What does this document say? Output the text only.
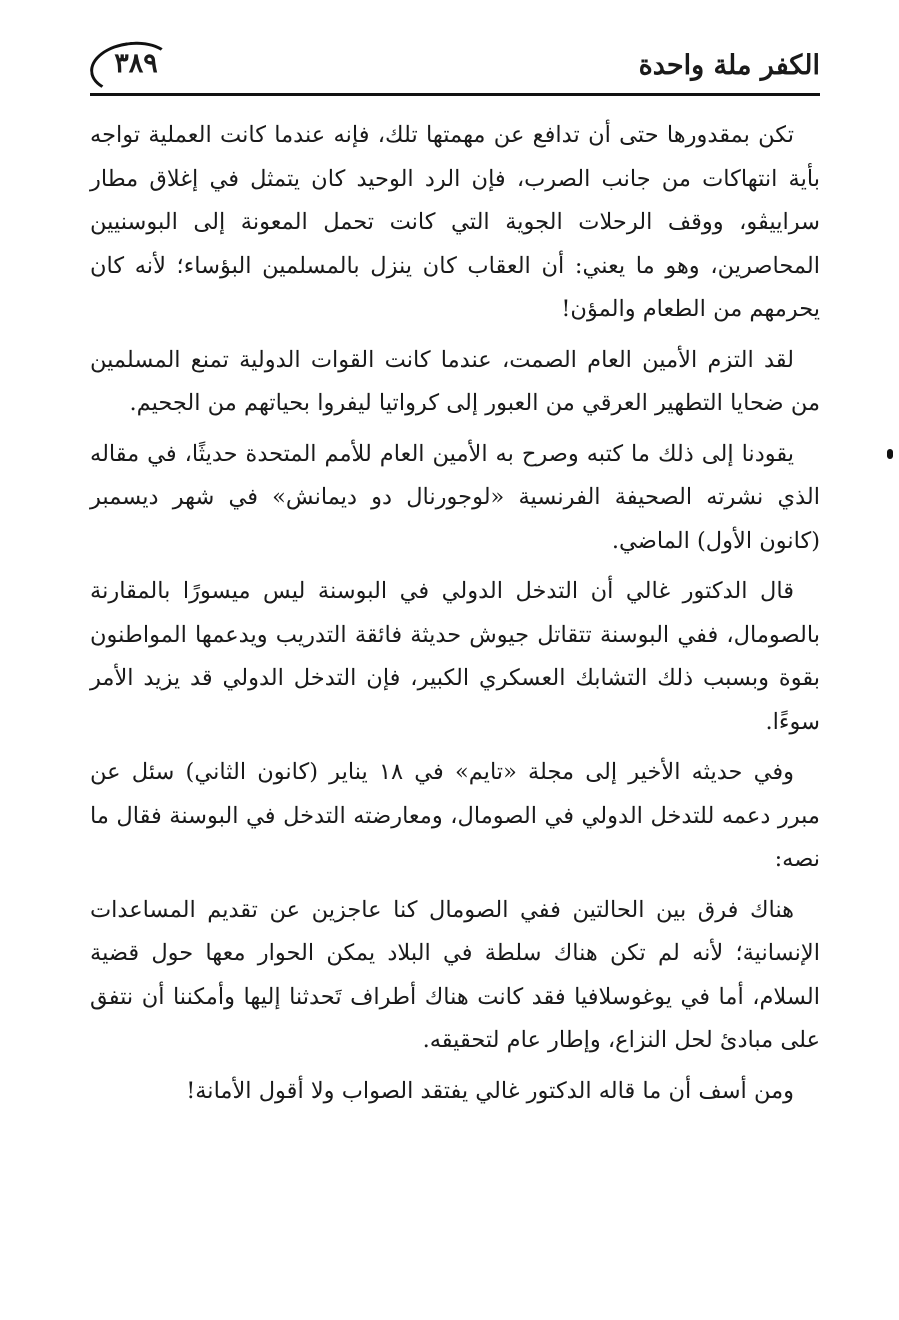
٣٨٩	الكفر ملة واحدة

تكن بمقدورها حتى أن تدافع عن مهمتها تلك، فإنه عندما كانت العملية تواجه بأية انتهاكات من جانب الصرب، فإن الرد الوحيد كان يتمثل في إغلاق مطار سراييڤو، ووقف الرحلات الجوية التي كانت تحمل المعونة إلى البوسنيين المحاصرين، وهو ما يعني: أن العقاب كان ينزل بالمسلمين البؤساء؛ لأنه كان يحرمهم من الطعام والمؤن!

لقد التزم الأمين العام الصمت، عندما كانت القوات الدولية تمنع المسلمين من ضحايا التطهير العرقي من العبور إلى كرواتيا ليفروا بحياتهم من الجحيم.

يقودنا إلى ذلك ما كتبه وصرح به الأمين العام للأمم المتحدة حديثًا، في مقاله الذي نشرته الصحيفة الفرنسية «لوجورنال دو ديمانش» في شهر ديسمبر (كانون الأول) الماضي.

قال الدكتور غالي أن التدخل الدولي في البوسنة ليس ميسورًا بالمقارنة بالصومال، ففي البوسنة تتقاتل جيوش حديثة فائقة التدريب ويدعمها المواطنون بقوة وبسبب ذلك التشابك العسكري الكبير، فإن التدخل الدولي قد يزيد الأمر سوءًا.

وفي حديثه الأخير إلى مجلة «تايم» في ١٨ يناير (كانون الثاني) سئل عن مبرر دعمه للتدخل الدولي في الصومال، ومعارضته التدخل في البوسنة فقال ما نصه:

هناك فرق بين الحالتين ففي الصومال كنا عاجزين عن تقديم المساعدات الإنسانية؛ لأنه لم تكن هناك سلطة في البلاد يمكن الحوار معها حول قضية السلام، أما في يوغوسلافيا فقد كانت هناك أطراف تَحدثنا إليها وأمكننا أن نتفق على مبادئ لحل النزاع، وإطار عام لتحقيقه.

ومن أسف أن ما قاله الدكتور غالي يفتقد الصواب ولا أقول الأمانة!
